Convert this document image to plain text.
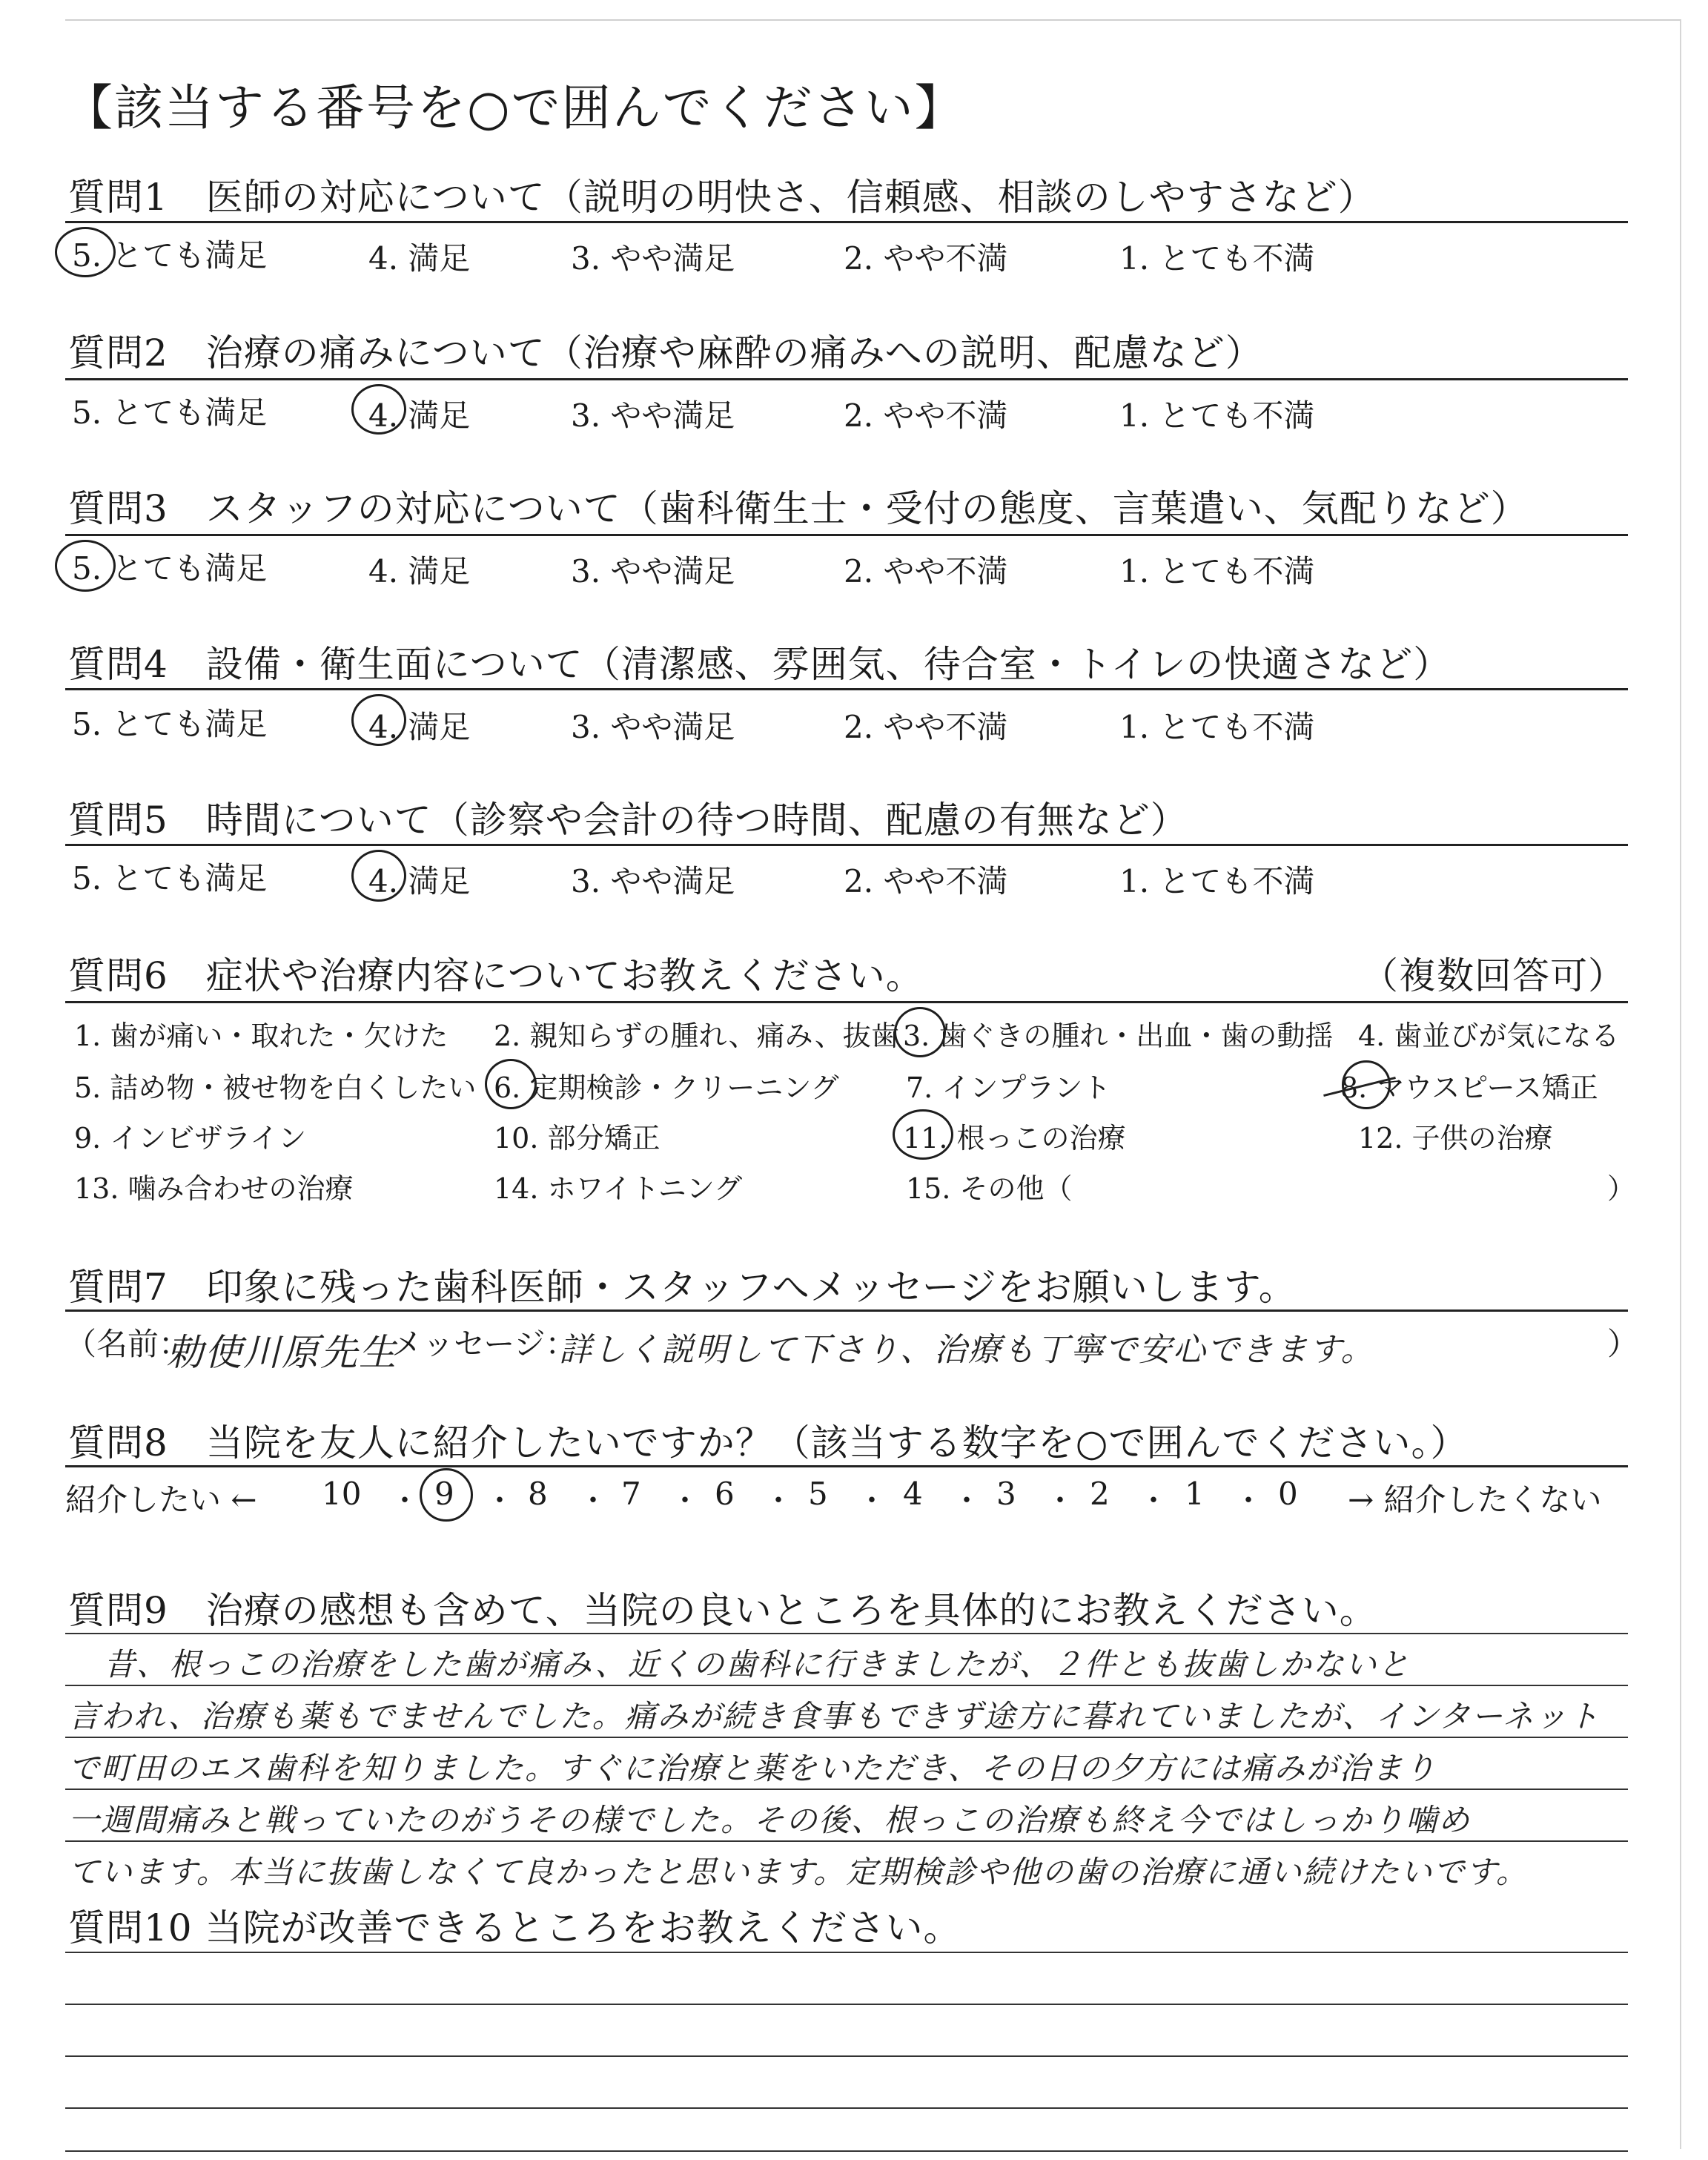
【該当する番号を○で囲んでください】
質問1　医師の対応について（説明の明快さ、信頼感、相談のしやすさなど）
5. とても満足	4. 満足	3. やや満足	2. やや不満	1. とても不満
質問2　治療の痛みについて（治療や麻酔の痛みへの説明、配慮など）
5. とても満足	4. 満足	3. やや満足	2. やや不満	1. とても不満
質問3　スタッフの対応について（歯科衛生士・受付の態度、言葉遣い、気配りなど）
5. とても満足	4. 満足	3. やや満足	2. やや不満	1. とても不満
質問4　設備・衛生面について（清潔感、雰囲気、待合室・トイレの快適さなど）
5. とても満足	4. 満足	3. やや満足	2. やや不満	1. とても不満
質問5　時間について（診察や会計の待つ時間、配慮の有無など）
5. とても満足	4. 満足	3. やや満足	2. やや不満	1. とても不満
質問6　症状や治療内容についてお教えください。	（複数回答可）
1. 歯が痛い・取れた・欠けた 2. 親知らずの腫れ、痛み、抜歯 3. 歯ぐきの腫れ・出血・歯の動揺 4. 歯並びが気になる
5. 詰め物・被せ物を白くしたい 6. 定期検診・クリーニング 7. インプラント	8. マウスピース矯正
9. インビザライン	10. 部分矯正	11. 根っこの治療	12. 子供の治療
13. 噛み合わせの治療	14. ホワイトニング	15. その他（	）
質問7　印象に残った歯科医師・スタッフへメッセージをお願いします。
（名前：
勅使川原先生
メッセージ：
詳しく説明して下さり、治療も丁寧で安心できます。	）
質問8　当院を友人に紹介したいですか？（該当する数字を○で囲んでください。）
紹介したい ←	→ 紹介したくない
10 ・ 9 ・ 8 ・ 7 ・ 6 ・ 5 ・ 4 ・ 3 ・ 2 ・ 1 ・ 0
質問9　治療の感想も含めて、当院の良いところを具体的にお教えください。
昔、根っこの治療をした歯が痛み、近くの歯科に行きましたが、２件とも抜歯しかないと
言われ、治療も薬もでませんでした。痛みが続き食事もできず途方に暮れていましたが、インターネット
で町田のエス歯科を知りました。すぐに治療と薬をいただき、その日の夕方には痛みが治まり
一週間痛みと戦っていたのがうその様でした。その後、根っこの治療も終え今ではしっかり噛め
ています。本当に抜歯しなくて良かったと思います。定期検診や他の歯の治療に通い続けたいです。
質問10 当院が改善できるところをお教えください。
